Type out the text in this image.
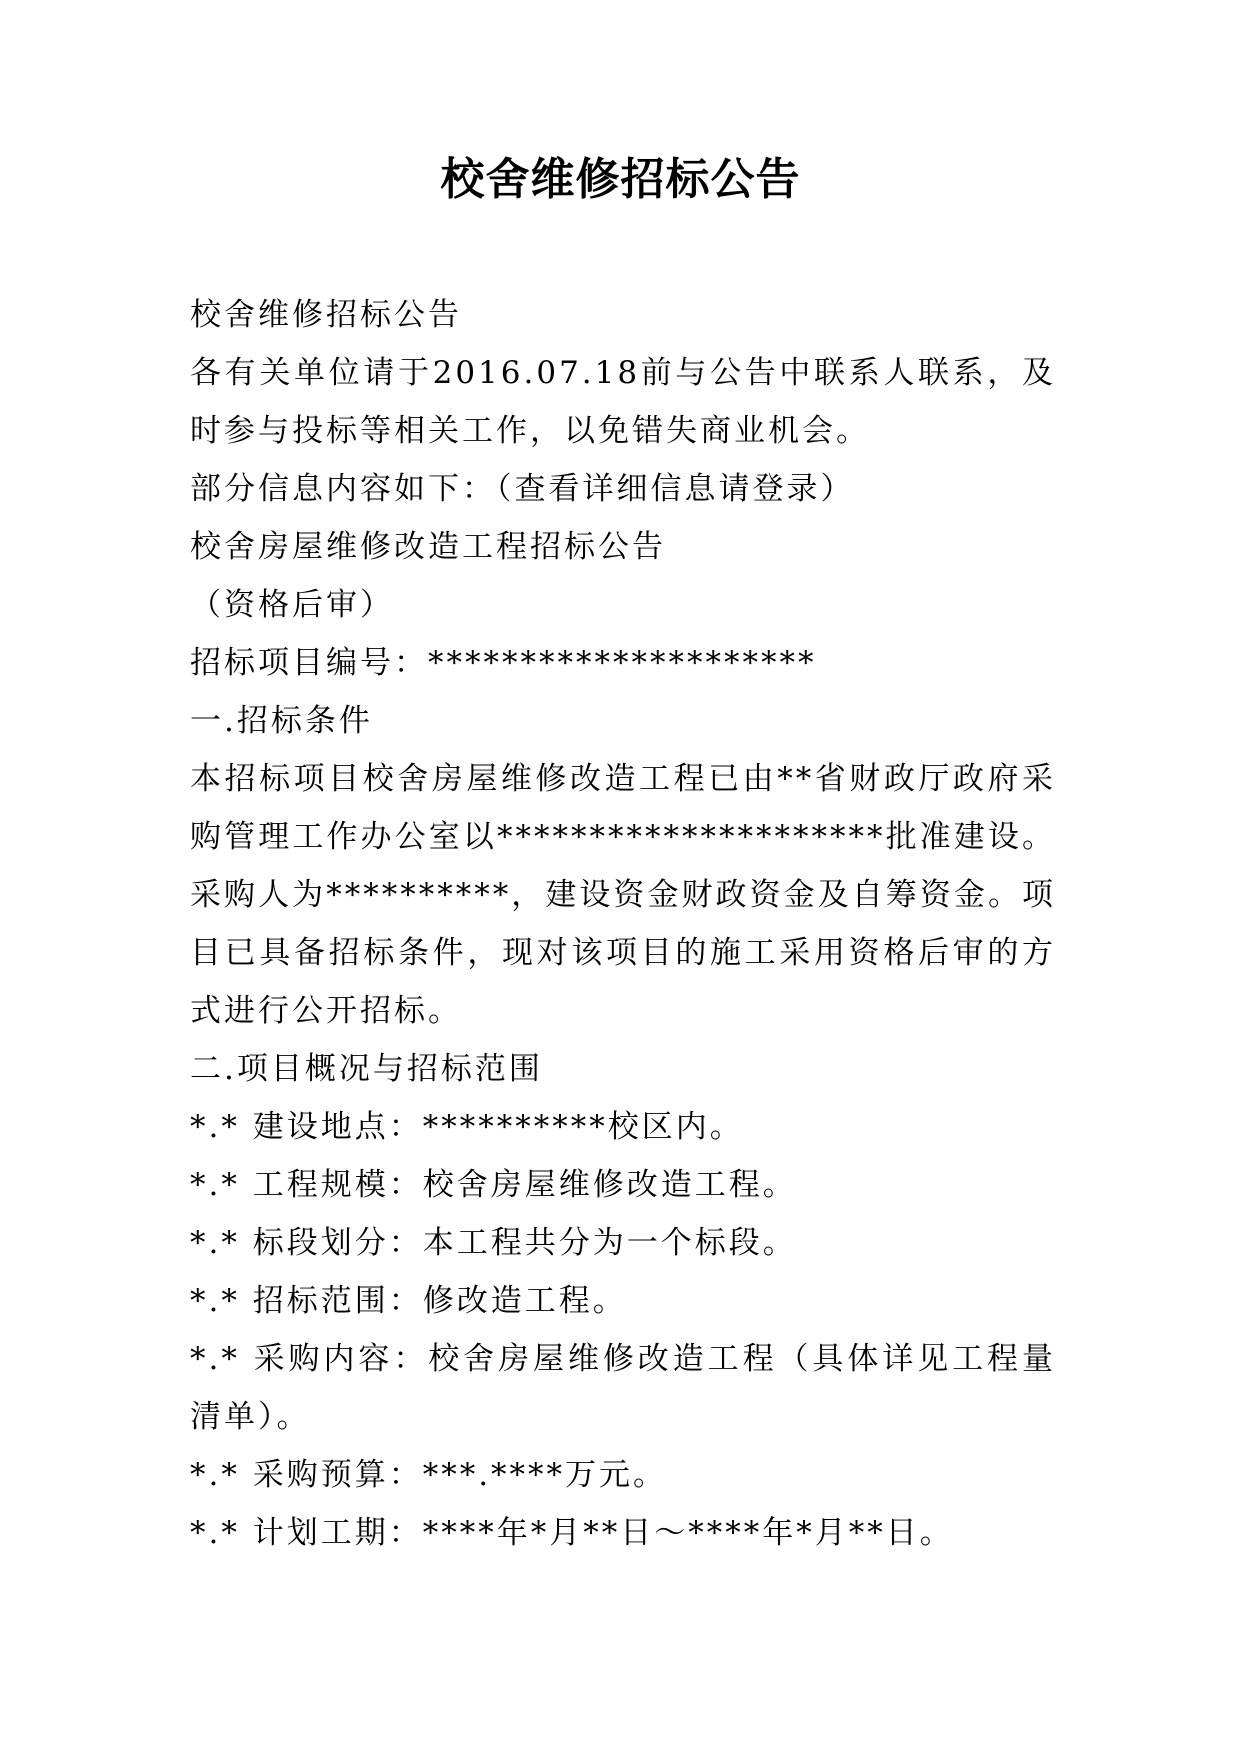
校舍维修招标公告

校舍维修招标公告

各有关单位请于2016.07.18前与公告中联系人联系，及时参与投标等相关工作，以免错失商业机会。

部分信息内容如下：（查看详细信息请登录）

校舍房屋维修改造工程招标公告

（资格后审）

招标项目编号：*********************

一.招标条件

本招标项目校舍房屋维修改造工程已由**省财政厅政府采购管理工作办公室以*********************批准建设。采购人为**********，建设资金财政资金及自筹资金。项目已具备招标条件，现对该项目的施工采用资格后审的方式进行公开招标。

二.项目概况与招标范围

*.* 建设地点：**********校区内。

*.* 工程规模：校舍房屋维修改造工程。

*.* 标段划分：本工程共分为一个标段。

*.* 招标范围：修改造工程。

*.* 采购内容：校舍房屋维修改造工程（具体详见工程量清单）。

*.* 采购预算：***.****万元。

*.* 计划工期：****年*月**日～****年*月**日。
